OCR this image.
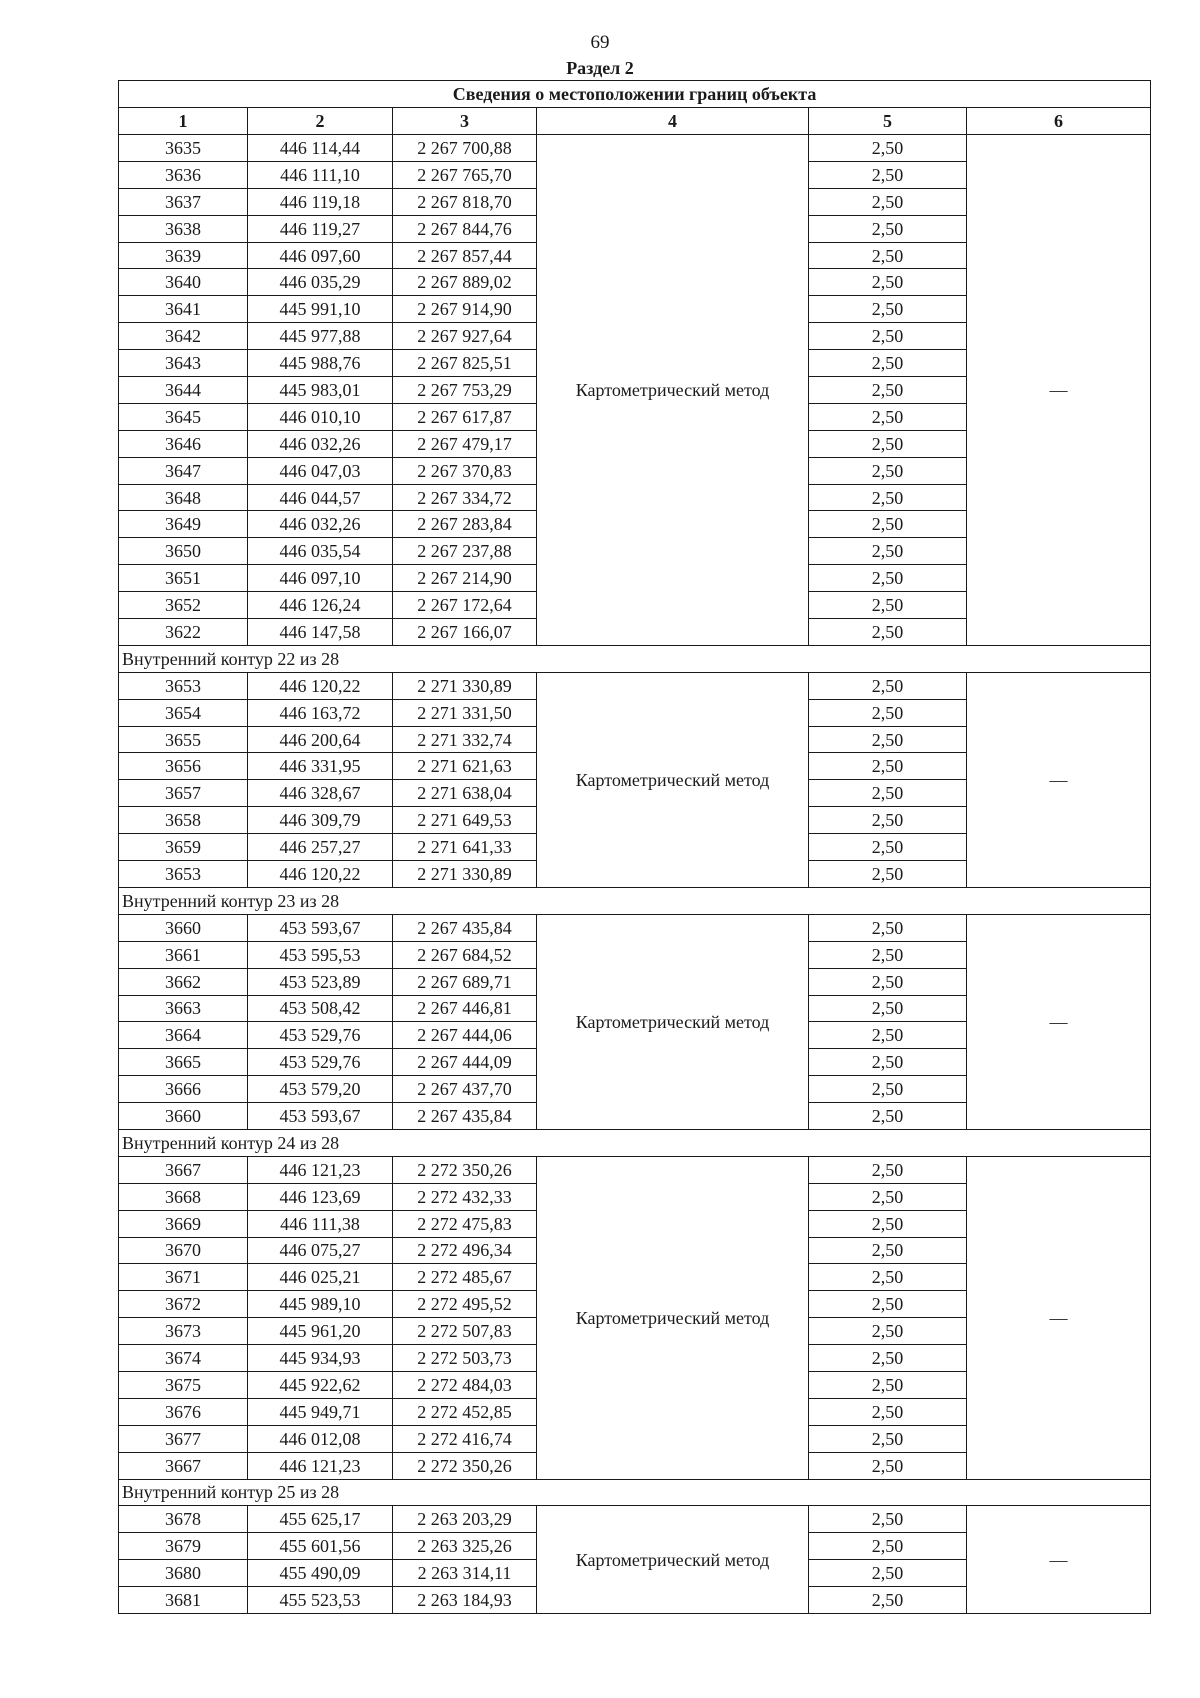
69
Раздел 2
Сведения о местоположении границ объекта					
1	2	3	4	5	6
3635	446 114,44	2 267 700,88	Картометрический метод	2,50	—
3636	446 111,10	2 267 765,70		2,50	
3637	446 119,18	2 267 818,70		2,50	
3638	446 119,27	2 267 844,76		2,50	
3639	446 097,60	2 267 857,44		2,50	
3640	446 035,29	2 267 889,02		2,50	
3641	445 991,10	2 267 914,90		2,50	
3642	445 977,88	2 267 927,64		2,50	
3643	445 988,76	2 267 825,51		2,50	
3644	445 983,01	2 267 753,29		2,50	
3645	446 010,10	2 267 617,87		2,50	
3646	446 032,26	2 267 479,17		2,50	
3647	446 047,03	2 267 370,83		2,50	
3648	446 044,57	2 267 334,72		2,50	
3649	446 032,26	2 267 283,84		2,50	
3650	446 035,54	2 267 237,88		2,50	
3651	446 097,10	2 267 214,90		2,50	
3652	446 126,24	2 267 172,64		2,50	
3622	446 147,58	2 267 166,07		2,50	
Внутренний контур 22 из 28					
3653	446 120,22	2 271 330,89	Картометрический метод	2,50	—
3654	446 163,72	2 271 331,50		2,50	
3655	446 200,64	2 271 332,74		2,50	
3656	446 331,95	2 271 621,63		2,50	
3657	446 328,67	2 271 638,04		2,50	
3658	446 309,79	2 271 649,53		2,50	
3659	446 257,27	2 271 641,33		2,50	
3653	446 120,22	2 271 330,89		2,50	
Внутренний контур 23 из 28					
3660	453 593,67	2 267 435,84	Картометрический метод	2,50	—
3661	453 595,53	2 267 684,52		2,50	
3662	453 523,89	2 267 689,71		2,50	
3663	453 508,42	2 267 446,81		2,50	
3664	453 529,76	2 267 444,06		2,50	
3665	453 529,76	2 267 444,09		2,50	
3666	453 579,20	2 267 437,70		2,50	
3660	453 593,67	2 267 435,84		2,50	
Внутренний контур 24 из 28					
3667	446 121,23	2 272 350,26	Картометрический метод	2,50	—
3668	446 123,69	2 272 432,33		2,50	
3669	446 111,38	2 272 475,83		2,50	
3670	446 075,27	2 272 496,34		2,50	
3671	446 025,21	2 272 485,67		2,50	
3672	445 989,10	2 272 495,52		2,50	
3673	445 961,20	2 272 507,83		2,50	
3674	445 934,93	2 272 503,73		2,50	
3675	445 922,62	2 272 484,03		2,50	
3676	445 949,71	2 272 452,85		2,50	
3677	446 012,08	2 272 416,74		2,50	
3667	446 121,23	2 272 350,26		2,50	
Внутренний контур 25 из 28					
3678	455 625,17	2 263 203,29	Картометрический метод	2,50	—
3679	455 601,56	2 263 325,26		2,50	
3680	455 490,09	2 263 314,11		2,50	
3681	455 523,53	2 263 184,93		2,50	
